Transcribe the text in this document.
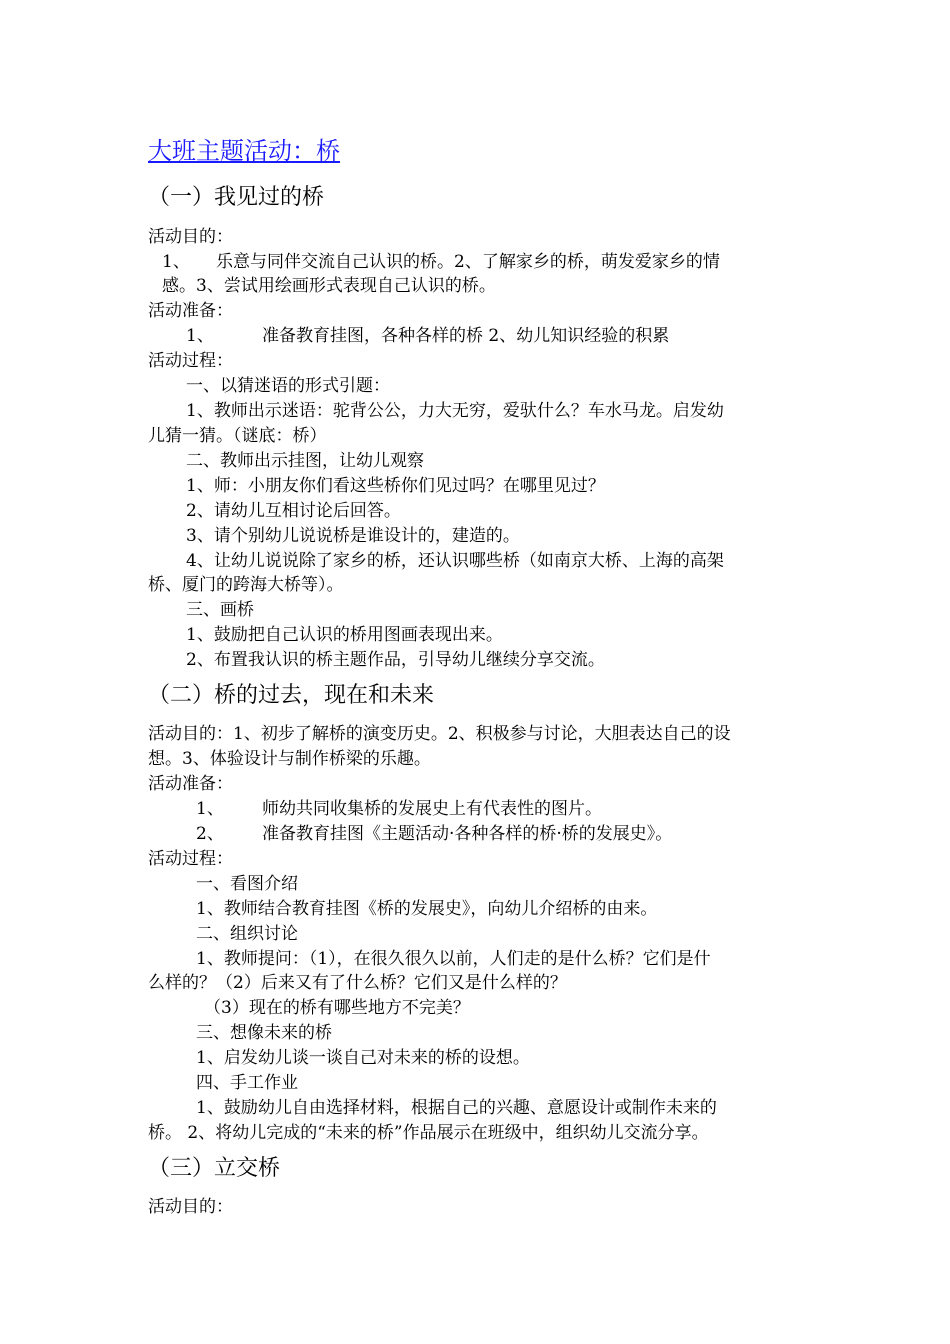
大班主题活动：桥
（一）我见过的桥
活动目的：
1、 乐意与同伴交流自己认识的桥。2、了解家乡的桥，萌发爱家乡的情
感。3、尝试用绘画形式表现自己认识的桥。
活动准备：
1、	准备教育挂图，各种各样的桥 2、幼儿知识经验的积累
活动过程：
一、以猜迷语的形式引题：
1、教师出示迷语：驼背公公，力大无穷，爱驮什么？车水马龙。启发幼
儿猜一猜。（谜底：桥）
二、教师出示挂图，让幼儿观察
1、师：小朋友你们看这些桥你们见过吗？在哪里见过？
2、请幼儿互相讨论后回答。
3、请个别幼儿说说桥是谁设计的，建造的。
4、让幼儿说说除了家乡的桥，还认识哪些桥（如南京大桥、上海的高架
桥、厦门的跨海大桥等）。
三、画桥
1、鼓励把自己认识的桥用图画表现出来。
2、布置我认识的桥主题作品，引导幼儿继续分享交流。
（二）桥的过去，现在和未来
活动目的：1、初步了解桥的演变历史。2、积极参与讨论，大胆表达自己的设
想。3、体验设计与制作桥梁的乐趣。
活动准备：
1、 师幼共同收集桥的发展史上有代表性的图片。
2、 准备教育挂图《主题活动·各种各样的桥·桥的发展史》。
活动过程：
一、看图介绍
1、教师结合教育挂图《桥的发展史》，向幼儿介绍桥的由来。
二、组织讨论
1、教师提问：（1），在很久很久以前，人们走的是什么桥？它们是什
么样的？（2）后来又有了什么桥？它们又是什么样的？
（3）现在的桥有哪些地方不完美？
三、想像未来的桥
1、启发幼儿谈一谈自己对未来的桥的设想。
四、手工作业
1、鼓励幼儿自由选择材料，根据自己的兴趣、意愿设计或制作未来的
桥。 2、将幼儿完成的“未来的桥”作品展示在班级中，组织幼儿交流分享。
（三）立交桥
活动目的：
